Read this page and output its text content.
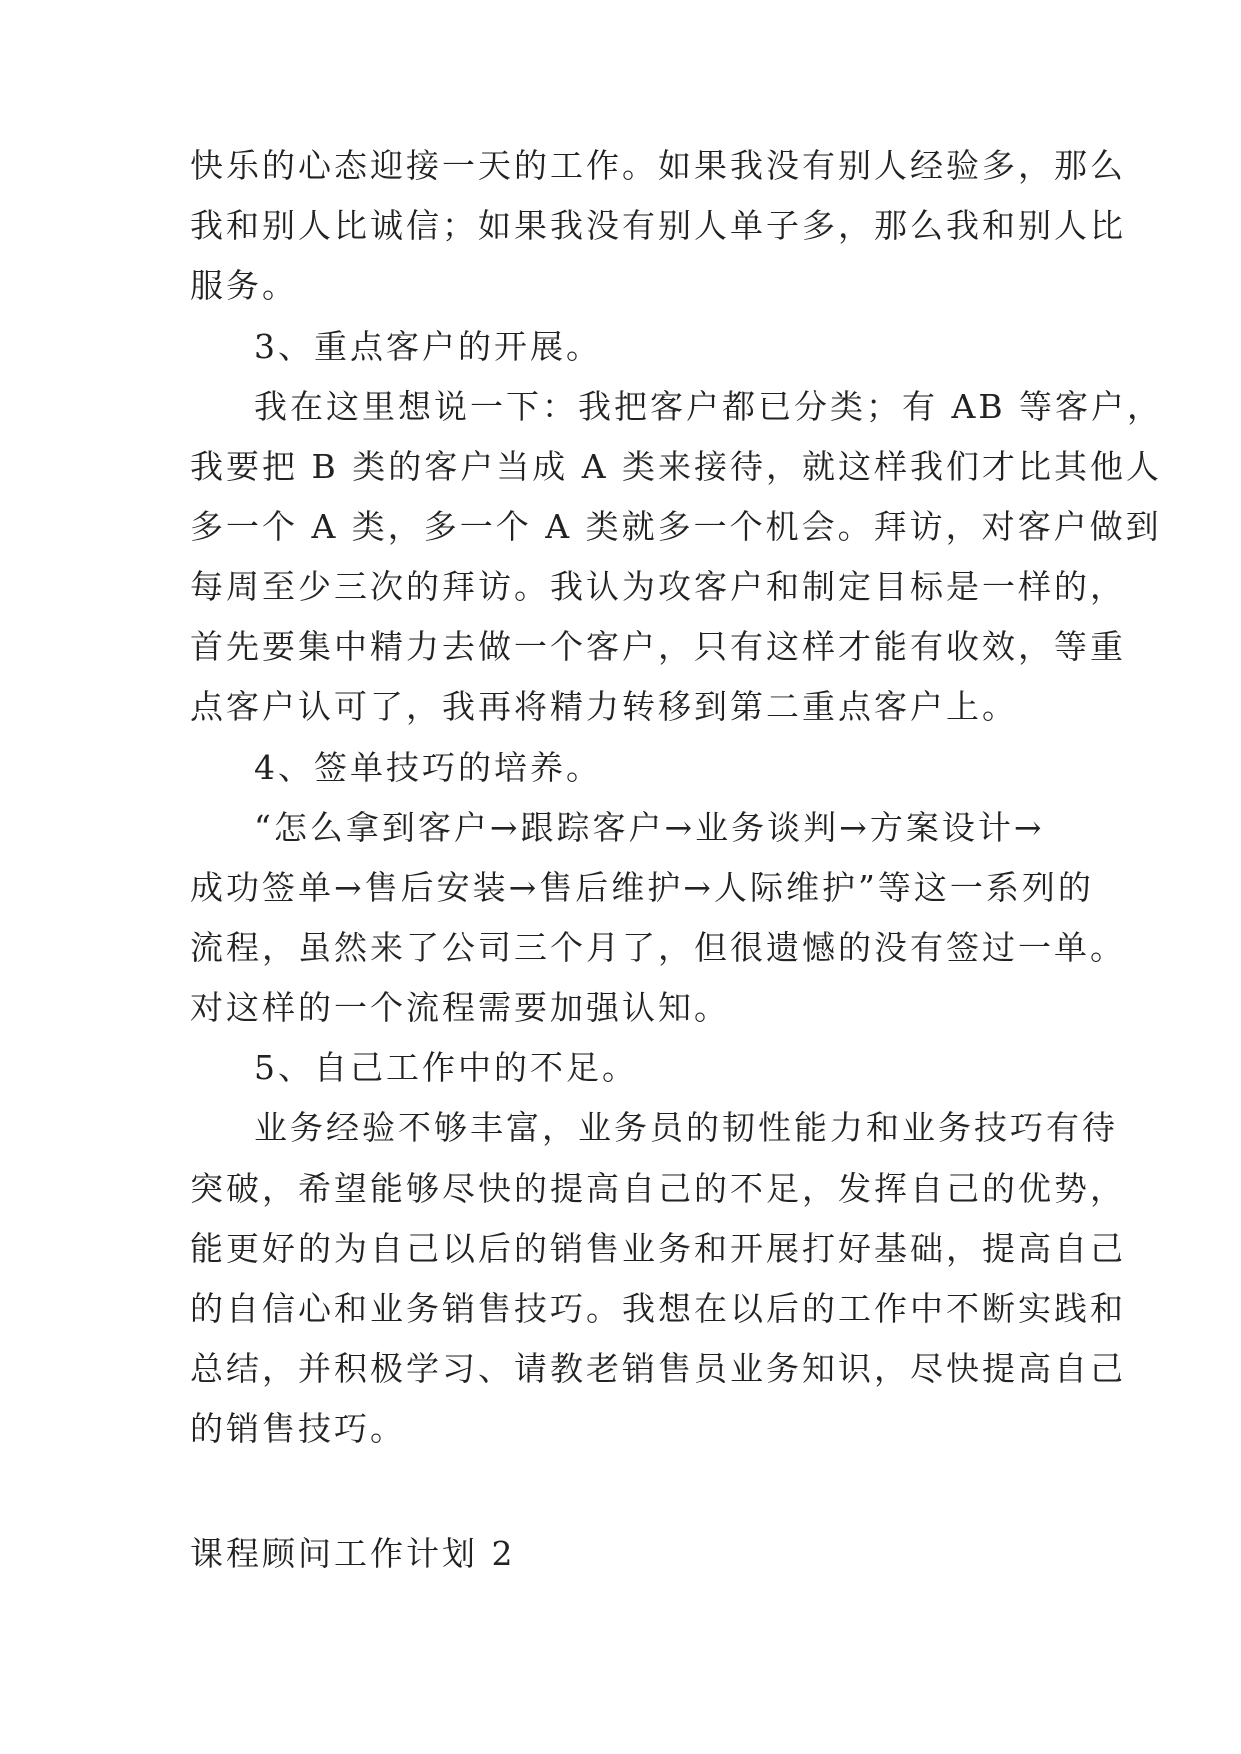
快乐的心态迎接一天的工作。如果我没有别人经验多，那么
我和别人比诚信；如果我没有别人单子多，那么我和别人比
服务。
3、重点客户的开展。
我在这里想说一下：我把客户都已分类；有 AB 等客户，
我要把 B 类的客户当成 A 类来接待，就这样我们才比其他人
多一个 A 类，多一个 A 类就多一个机会。拜访，对客户做到
每周至少三次的拜访。我认为攻客户和制定目标是一样的，
首先要集中精力去做一个客户，只有这样才能有收效，等重
点客户认可了，我再将精力转移到第二重点客户上。
4、签单技巧的培养。
“怎么拿到客户→跟踪客户→业务谈判→方案设计→
成功签单→售后安装→售后维护→人际维护”等这一系列的
流程，虽然来了公司三个月了，但很遗憾的没有签过一单。
对这样的一个流程需要加强认知。
5、自己工作中的不足。
业务经验不够丰富，业务员的韧性能力和业务技巧有待
突破，希望能够尽快的提高自己的不足，发挥自己的优势，
能更好的为自己以后的销售业务和开展打好基础，提高自己
的自信心和业务销售技巧。我想在以后的工作中不断实践和
总结，并积极学习、请教老销售员业务知识，尽快提高自己
的销售技巧。
课程顾问工作计划 2
